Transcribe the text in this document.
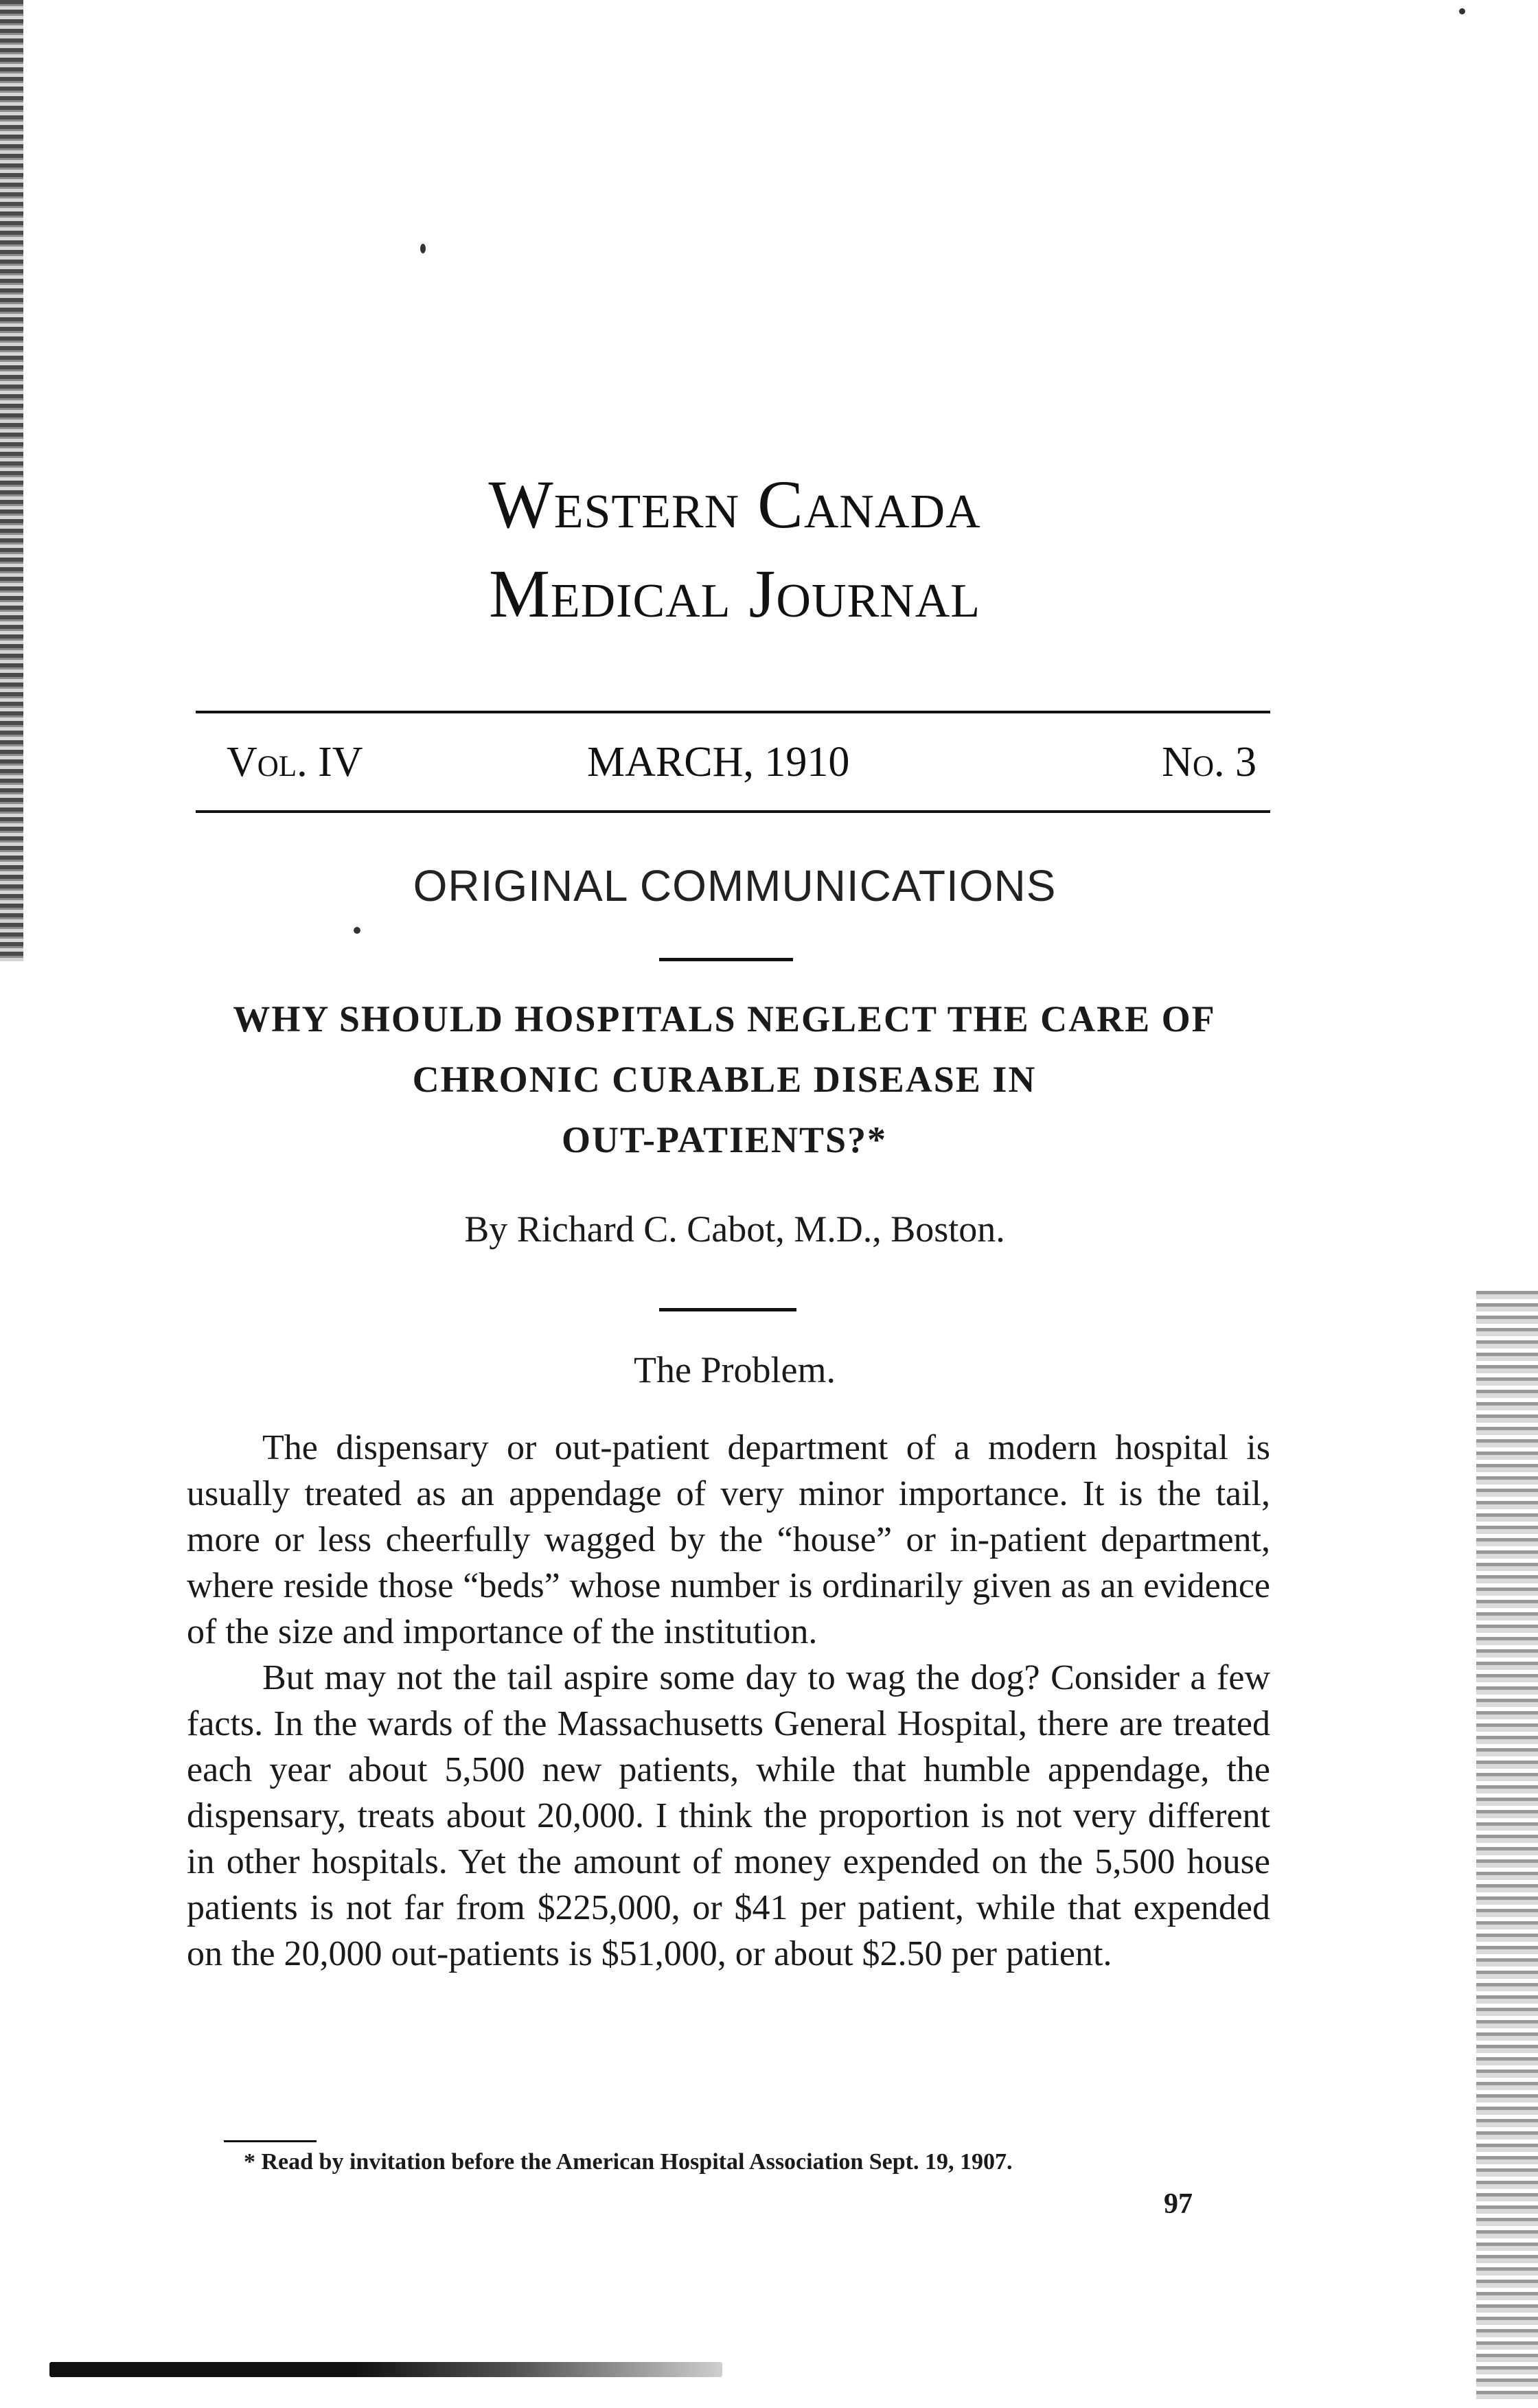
Western Canada
Medical Journal
Vol. IV	MARCH, 1910	No. 3
ORIGINAL COMMUNICATIONS
WHY SHOULD HOSPITALS NEGLECT THE CARE OF
CHRONIC CURABLE DISEASE IN
OUT-PATIENTS?*
By Richard C. Cabot, M.D., Boston.
The Problem.

The dispensary or out-patient department of a modern hospital is usually treated as an appendage of very minor importance. It is the tail, more or less cheerfully wagged by the “house” or in-patient department, where reside those “beds” whose number is ordinarily given as an evidence of the size and importance of the institution.

But may not the tail aspire some day to wag the dog? Consider a few facts. In the wards of the Massachusetts General Hospital, there are treated each year about 5,500 new patients, while that humble appendage, the dispensary, treats about 20,000. I think the proportion is not very different in other hospitals. Yet the amount of money expended on the 5,500 house patients is not far from $225,000, or $41 per patient, while that expended on the 20,000 out-patients is $51,000, or about $2.50 per patient.

* Read by invitation before the American Hospital Association Sept. 19, 1907.
97
